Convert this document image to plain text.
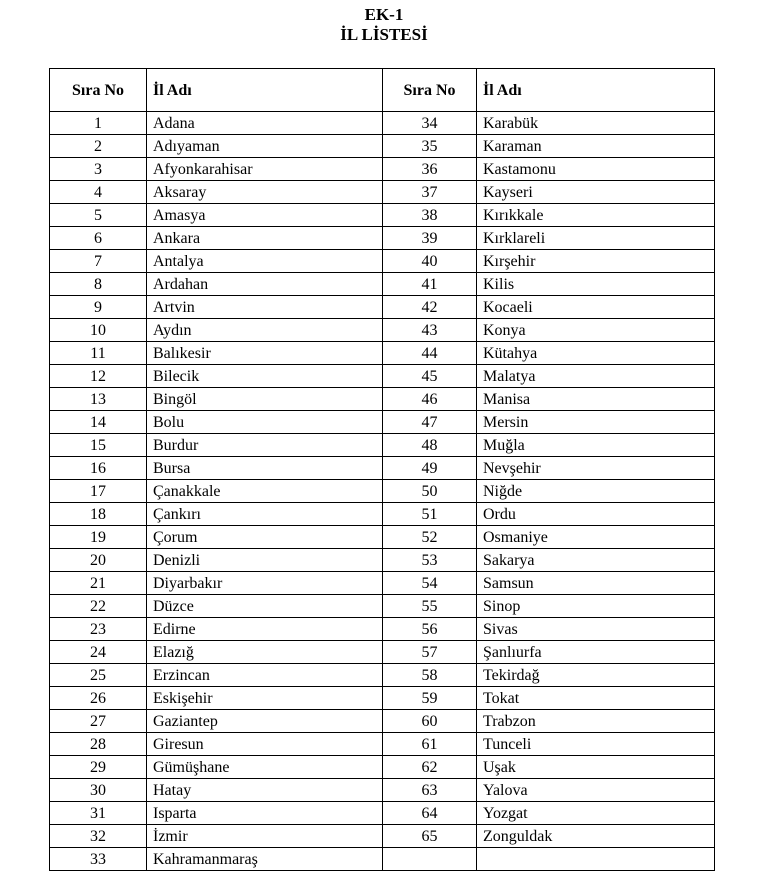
EK-1
İL LİSTESİ
Sıra No	İl Adı	Sıra No	İl Adı
1	Adana	34	Karabük
2	Adıyaman	35	Karaman
3	Afyonkarahisar	36	Kastamonu
4	Aksaray	37	Kayseri
5	Amasya	38	Kırıkkale
6	Ankara	39	Kırklareli
7	Antalya	40	Kırşehir
8	Ardahan	41	Kilis
9	Artvin	42	Kocaeli
10	Aydın	43	Konya
11	Balıkesir	44	Kütahya
12	Bilecik	45	Malatya
13	Bingöl	46	Manisa
14	Bolu	47	Mersin
15	Burdur	48	Muğla
16	Bursa	49	Nevşehir
17	Çanakkale	50	Niğde
18	Çankırı	51	Ordu
19	Çorum	52	Osmaniye
20	Denizli	53	Sakarya
21	Diyarbakır	54	Samsun
22	Düzce	55	Sinop
23	Edirne	56	Sivas
24	Elazığ	57	Şanlıurfa
25	Erzincan	58	Tekirdağ
26	Eskişehir	59	Tokat
27	Gaziantep	60	Trabzon
28	Giresun	61	Tunceli
29	Gümüşhane	62	Uşak
30	Hatay	63	Yalova
31	Isparta	64	Yozgat
32	İzmir	65	Zonguldak
33	Kahramanmaraş		
